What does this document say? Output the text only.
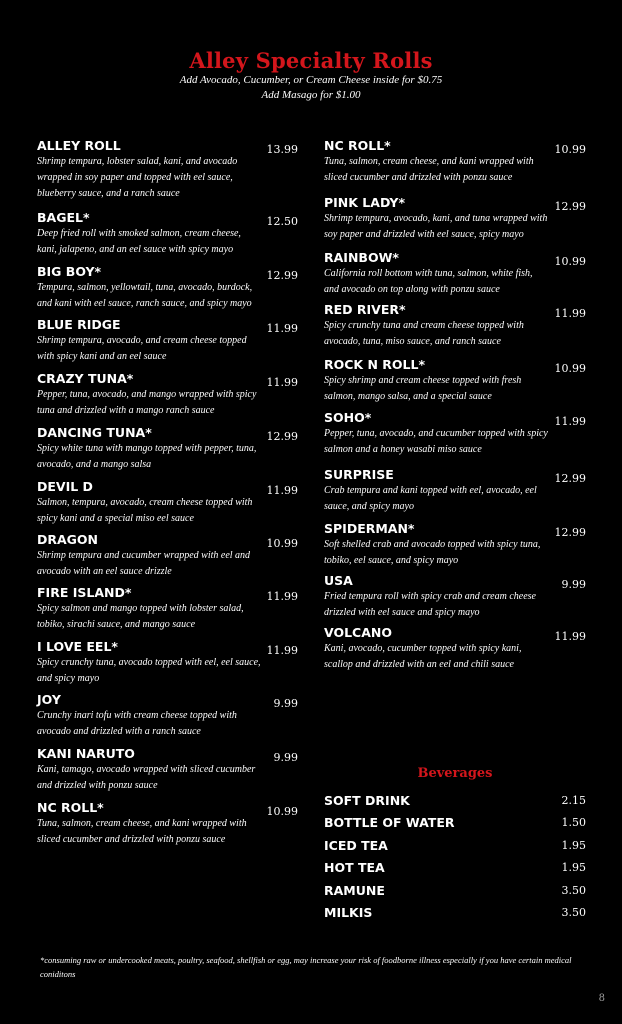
Alley Specialty Rolls
Add Avocado, Cucumber, or Cream Cheese inside for $0.75
Add Masago for $1.00
ALLEY ROLL	13.99
Shrimp tempura, lobster salad, kani, and avocado wrapped in soy paper and topped with eel sauce, blueberry sauce, and a ranch sauce
BAGEL*	12.50
Deep fried roll with smoked salmon, cream cheese, kani, jalapeno, and an eel sauce with spicy mayo
BIG BOY*	12.99
Tempura, salmon, yellowtail, tuna, avocado, burdock, and kani with eel sauce, ranch sauce, and spicy mayo
BLUE RIDGE	11.99
Shrimp tempura, avocado, and cream cheese topped with spicy kani and an eel sauce
CRAZY TUNA*	11.99
Pepper, tuna, avocado, and mango wrapped with spicy tuna and drizzled with a mango ranch sauce
DANCING TUNA*	12.99
Spicy white tuna with mango topped with pepper, tuna, avocado, and a mango salsa
DEVIL D	11.99
Salmon, tempura, avocado, cream cheese topped with spicy kani and a special miso eel sauce
DRAGON	10.99
Shrimp tempura and cucumber wrapped with eel and avocado with an eel sauce drizzle
FIRE ISLAND*	11.99
Spicy salmon and mango topped with lobster salad, tobiko, sirachi sauce, and mango sauce
I LOVE EEL*	11.99
Spicy crunchy tuna, avocado topped with eel, eel sauce, and spicy mayo
JOY	9.99
Crunchy inari tofu with cream cheese topped with avocado and drizzled with a ranch sauce
KANI NARUTO	9.99
Kani, tamago, avocado wrapped with sliced cucumber and drizzled with ponzu sauce
NC ROLL*	10.99
Tuna, salmon, cream cheese, and kani wrapped with sliced cucumber and drizzled with ponzu sauce
NC ROLL*	10.99
Tuna, salmon, cream cheese, and kani wrapped with sliced cucumber and drizzled with ponzu sauce
PINK LADY*	12.99
Shrimp tempura, avocado, kani, and tuna wrapped with soy paper and drizzled with eel sauce, spicy mayo
RAINBOW*	10.99
California roll bottom with tuna, salmon, white fish, and avocado on top along with ponzu sauce
RED RIVER*	11.99
Spicy crunchy tuna and cream cheese topped with avocado, tuna, miso sauce, and ranch sauce
ROCK N ROLL*	10.99
Spicy shrimp and cream cheese topped with fresh salmon, mango salsa, and a special sauce
SOHO*	11.99
Pepper, tuna, avocado, and cucumber topped with spicy salmon and a honey wasabi miso sauce
SURPRISE	12.99
Crab tempura and kani topped with eel, avocado, eel sauce, and spicy mayo
SPIDERMAN*	12.99
Soft shelled crab and avocado topped with spicy tuna, tobiko, eel sauce, and spicy mayo
USA	9.99
Fried tempura roll with spicy crab and cream cheese drizzled with eel sauce and spicy mayo
VOLCANO	11.99
Kani, avocado, cucumber topped with spicy kani, scallop and drizzled with an eel and chili sauce
Beverages
SOFT DRINK	2.15
BOTTLE OF WATER	1.50
ICED TEA	1.95
HOT TEA	1.95
RAMUNE	3.50
MILKIS	3.50
*consuming raw or undercooked meats, poultry, seafood, shellfish or egg, may increase your risk of foodborne illness especially if you have certain medical coniditons
8
